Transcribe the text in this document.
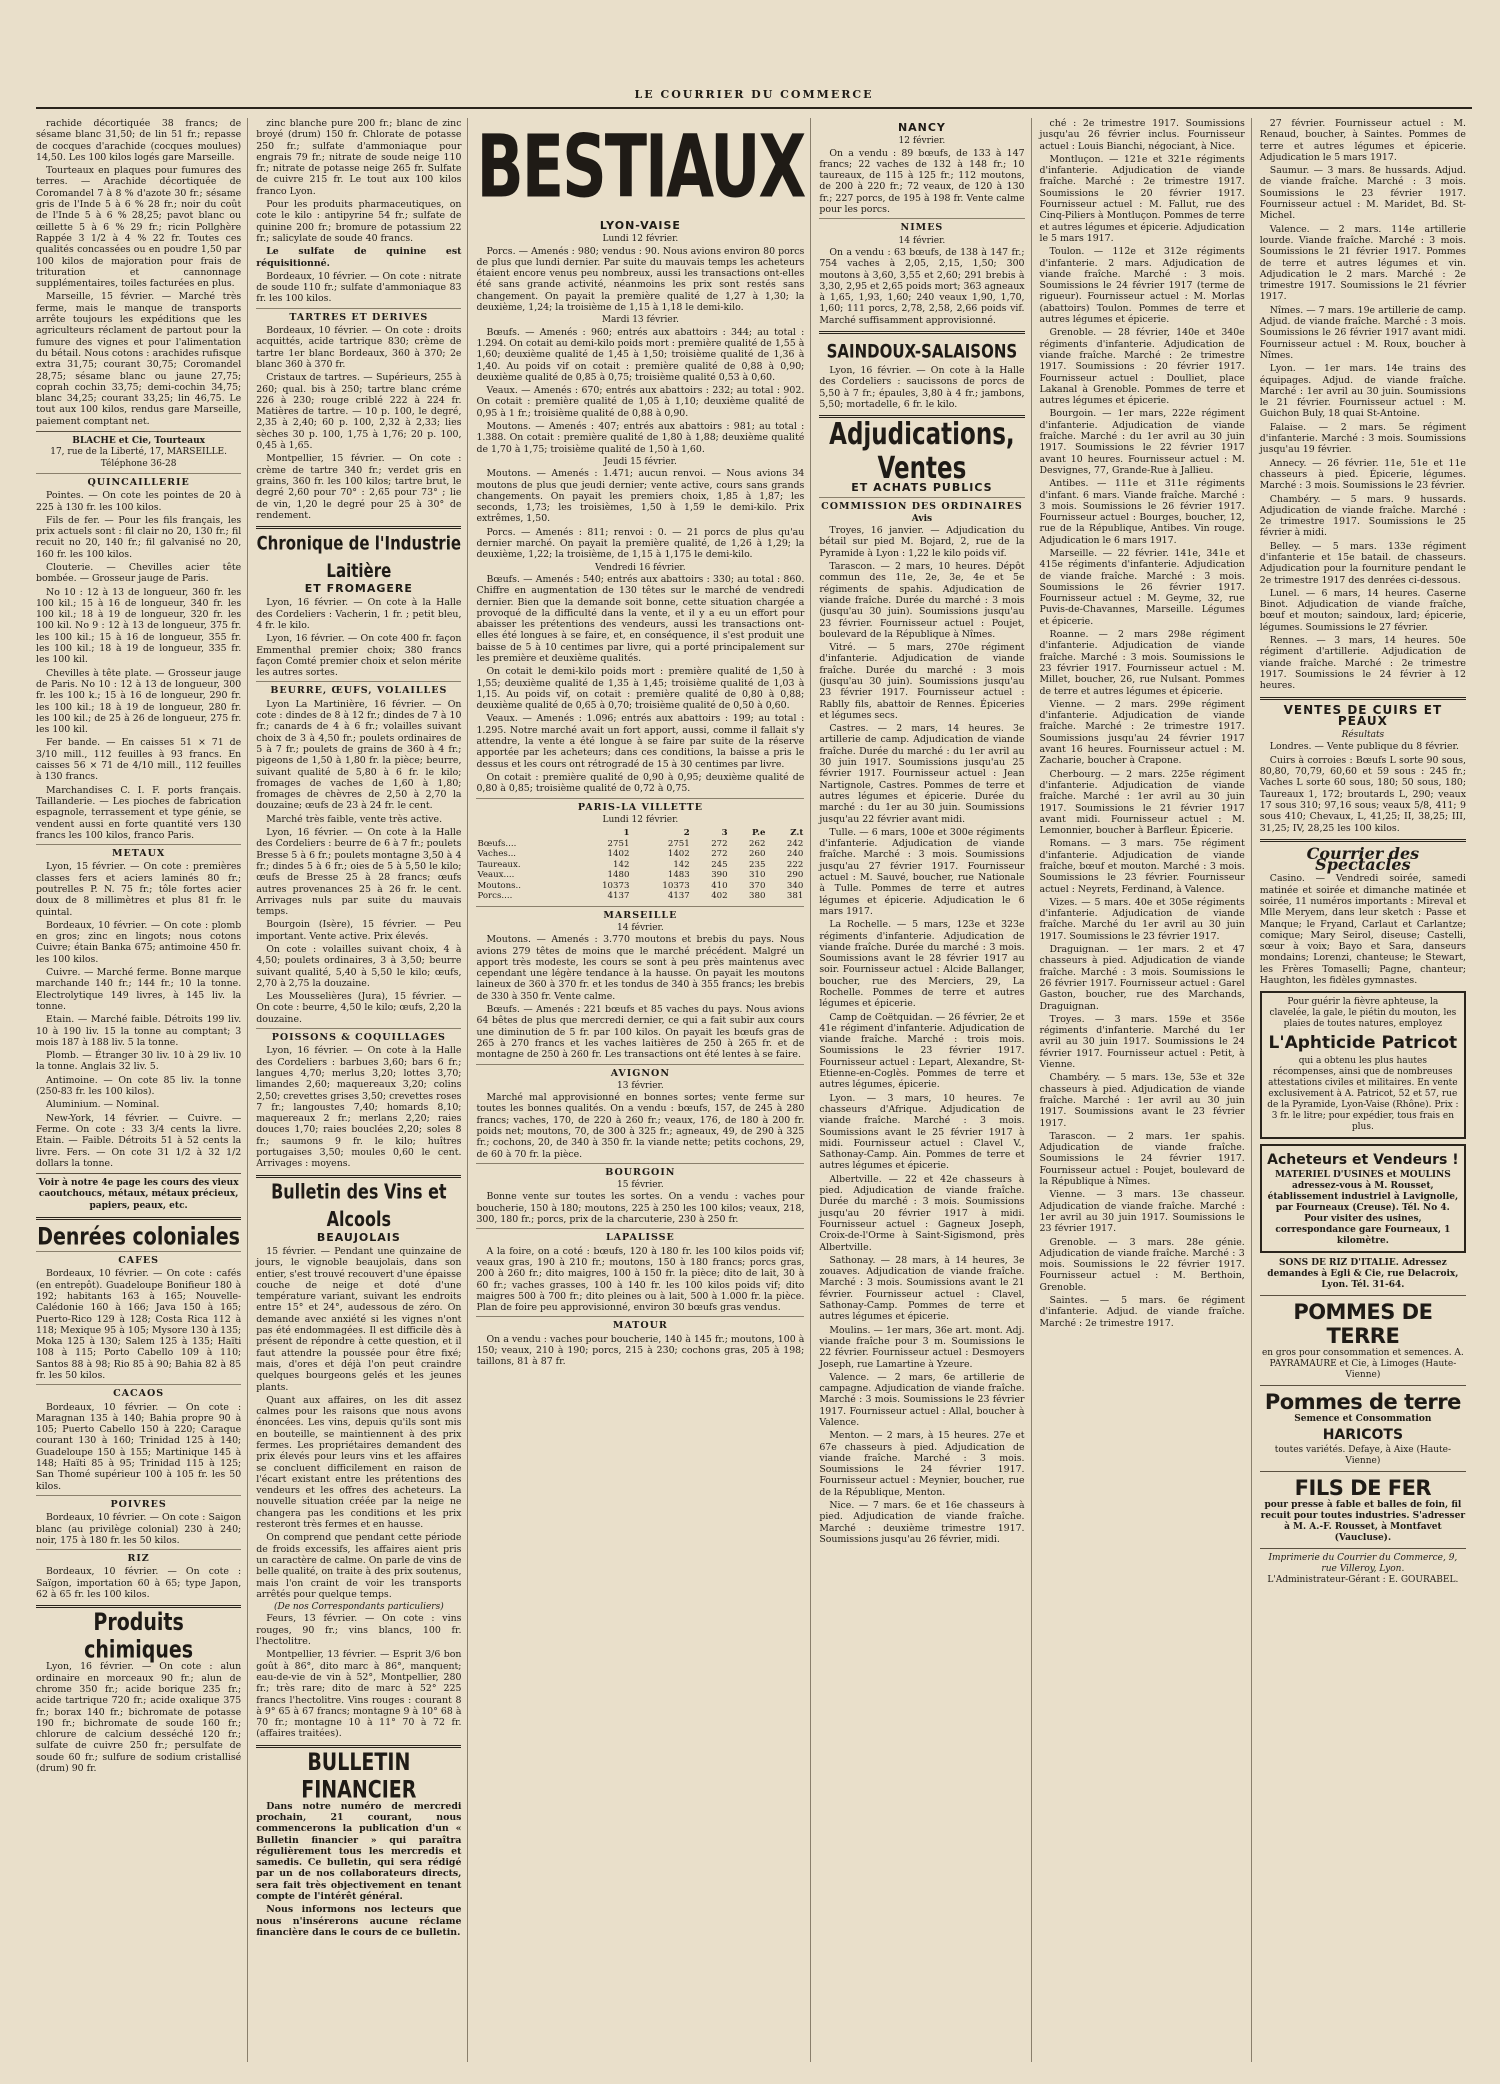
LE COURRIER DU COMMERCE

rachide décortiquée 38 francs; de sésame blanc 31,50; de lin 51 fr.; repasse de cocques d'arachide (cocques moulues) 14,50. Les 100 kilos logés gare Marseille.

Tourteaux en plaques pour fumures des terres. — Arachide décortiquée de Coromandel 7 à 8 % d'azote 30 fr.; sésame gris de l'Inde 5 à 6 % 28 fr.; noir du coût de l'Inde 5 à 6 % 28,25; pavot blanc ou œillette 5 à 6 % 29 fr.; ricin Pollghère Rappée 3 1/2 à 4 % 22 fr. Toutes ces qualités concassées ou en poudre 1,50 par 100 kilos de majoration pour frais de trituration et cannonnage supplémentaires, toiles facturées en plus.

Marseille, 15 février. — Marché très ferme, mais le manque de transports arrête toujours les expéditions que les agriculteurs réclament de partout pour la fumure des vignes et pour l'alimentation du bétail. Nous cotons : arachides rufisque extra 31,75; courant 30,75; Coromandel 28,75; sésame blanc ou jaune 27,75; coprah cochin 33,75; demi-cochin 34,75; blanc 34,25; courant 33,25; lin 46,75. Le tout aux 100 kilos, rendus gare Marseille, paiement comptant net.

BLACHE et Cie, Tourteaux
17, rue de la Liberté, 17, MARSEILLE. Téléphone 36-28
QUINCAILLERIE

Pointes. — On cote les pointes de 20 à 225 à 130 fr. les 100 kilos.

Fils de fer. — Pour les fils français, les prix actuels sont : fil clair no 20, 130 fr.; fil recuit no 20, 140 fr.; fil galvanisé no 20, 160 fr. les 100 kilos.

Clouterie. — Chevilles acier tête bombée. — Grosseur jauge de Paris.

No 10 : 12 à 13 de longueur, 360 fr. les 100 kil.; 15 à 16 de longueur, 340 fr. les 100 kil.; 18 à 19 de longueur, 320 fr. les 100 kil. No 9 : 12 à 13 de longueur, 375 fr. les 100 kil.; 15 à 16 de longueur, 355 fr. les 100 kil.; 18 à 19 de longueur, 335 fr. les 100 kil.

Chevilles à tête plate. — Grosseur jauge de Paris. No 10 : 12 à 13 de longueur, 300 fr. les 100 k.; 15 à 16 de longueur, 290 fr. les 100 kil.; 18 à 19 de longueur, 280 fr. les 100 kil.; de 25 à 26 de longueur, 275 fr. les 100 kil.

Fer bande. — En caisses 51 × 71 de 3/10 mill., 112 feuilles à 93 francs. En caisses 56 × 71 de 4/10 mill., 112 feuilles à 130 francs.

Marchandises C. I. F. ports français. Taillanderie. — Les pioches de fabrication espagnole, terrassement et type génie, se vendent aussi en forte quantité vers 130 francs les 100 kilos, franco Paris.

METAUX

Lyon, 15 février. — On cote : premières classes fers et aciers laminés 80 fr.; poutrelles P. N. 75 fr.; tôle fortes acier doux de 8 millimètres et plus 81 fr. le quintal.

Bordeaux, 10 février. — On cote : plomb en gros; zinc en lingots; nous cotons Cuivre; étain Banka 675; antimoine 450 fr. les 100 kilos.

Cuivre. — Marché ferme. Bonne marque marchande 140 fr.; 144 fr.; 10 la tonne. Electrolytique 149 livres, à 145 liv. la tonne.

Etain. — Marché faible. Détroits 199 liv. 10 à 190 liv. 15 la tonne au comptant; 3 mois 187 à 188 liv. 5 la tonne.

Plomb. — Étranger 30 liv. 10 à 29 liv. 10 la tonne. Anglais 32 liv. 5.

Antimoine. — On cote 85 liv. la tonne (250-83 fr. les 100 kilos).

Aluminium. — Nominal.

New-York, 14 février. — Cuivre. — Ferme. On cote : 33 3/4 cents la livre. Etain. — Faible. Détroits 51 à 52 cents la livre. Fers. — On cote 31 1/2 à 32 1/2 dollars la tonne.

Voir à notre 4e page les cours des vieux caoutchoucs, métaux, métaux précieux, papiers, peaux, etc.
Denrées coloniales
CAFES

Bordeaux, 10 février. — On cote : cafés (en entrepôt). Guadeloupe Bonifieur 180 à 192; habitants 163 à 165; Nouvelle-Calédonie 160 à 166; Java 150 à 165; Puerto-Rico 129 à 128; Costa Rica 112 à 118; Mexique 95 à 105; Mysore 130 à 135; Moka 125 à 130; Salem 125 à 135; Haïti 108 à 115; Porto Cabello 109 à 110; Santos 88 à 98; Rio 85 à 90; Bahia 82 à 85 fr. les 50 kilos.

CACAOS

Bordeaux, 10 février. — On cote : Maragnan 135 à 140; Bahia propre 90 à 105; Puerto Cabello 150 à 220; Caraque courant 130 à 160; Trinidad 125 à 140; Guadeloupe 150 à 155; Martinique 145 à 148; Haïti 85 à 95; Trinidad 115 à 125; San Thomé supérieur 100 à 105 fr. les 50 kilos.

POIVRES

Bordeaux, 10 février. — On cote : Saigon blanc (au privilège colonial) 230 à 240; noir, 175 à 180 fr. les 50 kilos.

RIZ

Bordeaux, 10 février. — On cote : Saïgon, importation 60 à 65; type Japon, 62 à 65 fr. les 100 kilos.

Produits chimiques

Lyon, 16 février. — On cote : alun ordinaire en morceaux 90 fr.; alun de chrome 350 fr.; acide borique 235 fr.; acide tartrique 720 fr.; acide oxalique 375 fr.; borax 140 fr.; bichromate de potasse 190 fr.; bichromate de soude 160 fr.; chlorure de calcium desséché 120 fr.; sulfate de cuivre 250 fr.; persulfate de soude 60 fr.; sulfure de sodium cristallisé (drum) 90 fr.

zinc blanche pure 200 fr.; blanc de zinc broyé (drum) 150 fr. Chlorate de potasse 250 fr.; sulfate d'ammoniaque pour engrais 79 fr.; nitrate de soude neige 110 fr.; nitrate de potasse neige 265 fr. Sulfate de cuivre 215 fr. Le tout aux 100 kilos franco Lyon.

Pour les produits pharmaceutiques, on cote le kilo : antipyrine 54 fr.; sulfate de quinine 200 fr.; bromure de potassium 22 fr.; salicylate de soude 40 francs.

Le sulfate de quinine est réquisitionné.

Bordeaux, 10 février. — On cote : nitrate de soude 110 fr.; sulfate d'ammoniaque 83 fr. les 100 kilos.

TARTRES ET DERIVES

Bordeaux, 10 février. — On cote : droits acquittés, acide tartrique 830; crème de tartre 1er blanc Bordeaux, 360 à 370; 2e blanc 360 à 370 fr.

Cristaux de tartres. — Supérieurs, 255 à 260; qual. bis à 250; tartre blanc créme 226 à 230; rouge criblé 222 à 224 fr. Matières de tartre. — 10 p. 100, le degré, 2,35 à 2,40; 60 p. 100, 2,32 à 2,33; lies sèches 30 p. 100, 1,75 à 1,76; 20 p. 100, 0,45 à 1,65.

Montpellier, 15 février. — On cote : crème de tartre 340 fr.; verdet gris en grains, 360 fr. les 100 kilos; tartre brut, le degré 2,60 pour 70° : 2,65 pour 73° ; lie de vin, 1,20 le degré pour 25 à 30° de rendement.

Chronique de l'Industrie Laitière
ET FROMAGERE

Lyon, 16 février. — On cote à la Halle des Cordeliers : Vacherin, 1 fr. ; petit bleu, 4 fr. le kilo.

Lyon, 16 février. — On cote 400 fr. façon Emmenthal premier choix; 380 francs façon Comté premier choix et selon mérite les autres sortes.

BEURRE, ŒUFS, VOLAILLES

Lyon La Martinière, 16 février. — On cote : dindes de 8 à 12 fr.; dindes de 7 à 10 fr.; canards de 4 à 6 fr.; volailles suivant choix de 3 à 4,50 fr.; poulets ordinaires de 5 à 7 fr.; poulets de grains de 360 à 4 fr.; pigeons de 1,50 à 1,80 fr. la pièce; beurre, suivant qualité de 5,80 à 6 fr. le kilo; fromages de vaches de 1,60 à 1,80; fromages de chèvres de 2,50 à 2,70 la douzaine; œufs de 23 à 24 fr. le cent.

Marché très faible, vente très active.

Lyon, 16 février. — On cote à la Halle des Cordeliers : beurre de 6 à 7 fr.; poulets Bresse 5 à 6 fr.; poulets montagne 3,50 à 4 fr.; dindes 5 à 6 fr.; oies de 5 à 5,50 le kilo; œufs de Bresse 25 à 28 francs; œufs autres provenances 25 à 26 fr. le cent. Arrivages nuls par suite du mauvais temps.

Bourgoin (Isère), 15 février. — Peu important. Vente active. Prix élevés.

On cote : volailles suivant choix, 4 à 4,50; poulets ordinaires, 3 à 3,50; beurre suivant qualité, 5,40 à 5,50 le kilo; œufs, 2,70 à 2,75 la douzaine.

Les Mousselières (Jura), 15 février. — On cote : beurre, 4,50 le kilo; œufs, 2,20 la douzaine.

POISSONS & COQUILLAGES

Lyon, 16 février. — On cote à la Halle des Cordeliers : barbues 3,60; bars 6 fr.; langues 4,70; merlus 3,20; lottes 3,70; limandes 2,60; maquereaux 3,20; colins 2,50; crevettes grises 3,50; crevettes roses 7 fr.; langoustes 7,40; homards 8,10; maquereaux 2 fr.; merlans 2,20; raies douces 1,70; raies bouclées 2,20; soles 8 fr.; saumons 9 fr. le kilo; huîtres portugaises 3,50; moules 0,60 le cent. Arrivages : moyens.

Bulletin des Vins et Alcools
BEAUJOLAIS

15 février. — Pendant une quinzaine de jours, le vignoble beaujolais, dans son entier, s'est trouvé recouvert d'une épaisse couche de neige et doté d'une température variant, suivant les endroits entre 15° et 24°, audessous de zéro. On demande avec anxiété si les vignes n'ont pas été endommagées. Il est difficile dès à présent de répondre à cette question, et il faut attendre la poussée pour être fixé; mais, d'ores et déjà l'on peut craindre quelques bourgeons gelés et les jeunes plants.

Quant aux affaires, on les dit assez calmes pour les raisons que nous avons énoncées. Les vins, depuis qu'ils sont mis en bouteille, se maintiennent à des prix fermes. Les propriétaires demandent des prix élevés pour leurs vins et les affaires se concluent difficilement en raison de l'écart existant entre les prétentions des vendeurs et les offres des acheteurs. La nouvelle situation créée par la neige ne changera pas les conditions et les prix resteront très fermes et en hausse.

On comprend que pendant cette période de froids excessifs, les affaires aient pris un caractère de calme. On parle de vins de belle qualité, on traite à des prix soutenus, mais l'on craint de voir les transports arrêtés pour quelque temps.

(De nos Correspondants particuliers)

Feurs, 13 février. — On cote : vins rouges, 90 fr.; vins blancs, 100 fr. l'hectolitre.

Montpellier, 13 février. — Esprit 3/6 bon goût à 86°, dito marc à 86°, manquent; eau-de-vie de vin à 52°, Montpellier, 280 fr.; très rare; dito de marc à 52° 225 francs l'hectolitre. Vins rouges : courant 8 à 9° 65 à 67 francs; montagne 9 à 10° 68 à 70 fr.; montagne 10 à 11° 70 à 72 fr. (affaires traitées).

BULLETIN FINANCIER

Dans notre numéro de mercredi prochain, 21 courant, nous commencerons la publication d'un « Bulletin financier » qui paraîtra régulièrement tous les mercredis et samedis. Ce bulletin, qui sera rédigé par un de nos collaborateurs directs, sera fait très objectivement en tenant compte de l'intérêt général.

Nous informons nos lecteurs que nous n'insérerons aucune réclame financière dans le cours de ce bulletin.

BESTIAUX
LYON-VAISE
Lundi 12 février.

Porcs. — Amenés : 980; vendus : 90. Nous avions environ 80 porcs de plus que lundi dernier. Par suite du mauvais temps les acheteurs étaient encore venus peu nombreux, aussi les transactions ont-elles été sans grande activité, néanmoins les prix sont restés sans changement. On payait la première qualité de 1,27 à 1,30; la deuxième, 1,24; la troisième de 1,15 à 1,18 le demi-kilo.

Mardi 13 février.

Bœufs. — Amenés : 960; entrés aux abattoirs : 344; au total : 1.294. On cotait au demi-kilo poids mort : première qualité de 1,55 à 1,60; deuxième qualité de 1,45 à 1,50; troisième qualité de 1,36 à 1,40. Au poids vif on cotait : première qualité de 0,88 à 0,90; deuxième qualité de 0,85 à 0,75; troisième qualité 0,53 à 0,60.

Veaux. — Amenés : 670; entrés aux abattoirs : 232; au total : 902. On cotait : première qualité de 1,05 à 1,10; deuxième qualité de 0,95 à 1 fr.; troisième qualité de 0,88 à 0,90.

Moutons. — Amenés : 407; entrés aux abattoirs : 981; au total : 1.388. On cotait : première qualité de 1,80 à 1,88; deuxième qualité de 1,70 à 1,75; troisième qualité de 1,50 à 1,60.

Jeudi 15 février.

Moutons. — Amenés : 1.471; aucun renvoi. — Nous avions 34 moutons de plus que jeudi dernier; vente active, cours sans grands changements. On payait les premiers choix, 1,85 à 1,87; les seconds, 1,73; les troisièmes, 1,50 à 1,59 le demi-kilo. Prix extrêmes, 1,50.

Porcs. — Amenés : 811; renvoi : 0. — 21 porcs de plus qu'au dernier marché. On payait la première qualité, de 1,26 à 1,29; la deuxième, 1,22; la troisième, de 1,15 à 1,175 le demi-kilo.

Vendredi 16 février.

Bœufs. — Amenés : 540; entrés aux abattoirs : 330; au total : 860. Chiffre en augmentation de 130 têtes sur le marché de vendredi dernier. Bien que la demande soit bonne, cette situation chargée a provoqué de la difficulté dans la vente, et il y a eu un effort pour abaisser les prétentions des vendeurs, aussi les transactions ont-elles été longues à se faire, et, en conséquence, il s'est produit une baisse de 5 à 10 centimes par livre, qui a porté principalement sur les première et deuxième qualités.

On cotait le demi-kilo poids mort : première qualité de 1,50 à 1,55; deuxième qualité de 1,35 à 1,45; troisième qualité de 1,03 à 1,15. Au poids vif, on cotait : première qualité de 0,80 à 0,88; deuxième qualité de 0,65 à 0,70; troisième qualité de 0,50 à 0,60.

Veaux. — Amenés : 1.096; entrés aux abattoirs : 199; au total : 1.295. Notre marché avait un fort apport, aussi, comme il fallait s'y attendre, la vente a été longue à se faire par suite de la réserve apportée par les acheteurs; dans ces conditions, la baisse a pris le dessus et les cours ont rétrogradé de 15 à 30 centimes par livre.

On cotait : première qualité de 0,90 à 0,95; deuxième qualité de 0,80 à 0,85; troisième qualité de 0,72 à 0,75.

PARIS-LA VILLETTE
Lundi 12 février.
	1	2	3	P.e	Z.t
Bœufs....	2751	2751	272	262	242
Vaches...	1402	1402	272	260	240
Taureaux.	142	142	245	235	222
Veaux....	1480	1483	390	310	290
Moutons..	10373	10373	410	370	340
Porcs....	4137	4137	402	380	381
MARSEILLE
14 février.

Moutons. — Amenés : 3.770 moutons et brebis du pays. Nous avions 279 têtes de moins que le marché précédent. Malgré un apport très modeste, les cours se sont à peu près maintenus avec cependant une légère tendance à la hausse. On payait les moutons laineux de 360 à 370 fr. et les tondus de 340 à 355 francs; les brebis de 330 à 350 fr. Vente calme.

Bœufs. — Amenés : 221 bœufs et 85 vaches du pays. Nous avions 64 bêtes de plus que mercredi dernier, ce qui a fait subir aux cours une diminution de 5 fr. par 100 kilos. On payait les bœufs gras de 265 à 270 francs et les vaches laitières de 250 à 265 fr. et de montagne de 250 à 260 fr. Les transactions ont été lentes à se faire.

AVIGNON
13 février.

Marché mal approvisionné en bonnes sortes; vente ferme sur toutes les bonnes qualités. On a vendu : bœufs, 157, de 245 à 280 francs; vaches, 170, de 220 à 260 fr.; veaux, 176, de 180 à 200 fr. poids net; moutons, 70, de 300 à 325 fr.; agneaux, 49, de 290 à 325 fr.; cochons, 20, de 340 à 350 fr. la viande nette; petits cochons, 29, de 60 à 70 fr. la pièce.

BOURGOIN
15 février.

Bonne vente sur toutes les sortes. On a vendu : vaches pour boucherie, 150 à 180; moutons, 225 à 250 les 100 kilos; veaux, 218, 300, 180 fr.; porcs, prix de la charcuterie, 230 à 250 fr.

LAPALISSE

A la foire, on a coté : bœufs, 120 à 180 fr. les 100 kilos poids vif; veaux gras, 190 à 210 fr.; moutons, 150 à 180 francs; porcs gras, 200 à 260 fr.; dito maigres, 100 à 150 fr. la pièce; dito de lait, 30 à 60 fr.; vaches grasses, 100 à 140 fr. les 100 kilos poids vif; dito maigres 500 à 700 fr.; dito pleines ou à lait, 500 à 1.000 fr. la pièce. Plan de foire peu approvisionné, environ 30 bœufs gras vendus.

MATOUR

On a vendu : vaches pour boucherie, 140 à 145 fr.; moutons, 100 à 150; veaux, 210 à 190; porcs, 215 à 230; cochons gras, 205 à 198; taillons, 81 à 87 fr.

NANCY
12 février.

On a vendu : 89 bœufs, de 133 à 147 francs; 22 vaches de 132 à 148 fr.; 10 taureaux, de 115 à 125 fr.; 112 moutons, de 200 à 220 fr.; 72 veaux, de 120 à 130 fr.; 227 porcs, de 195 à 198 fr. Vente calme pour les porcs.

NIMES
14 février.

On a vendu : 63 bœufs, de 138 à 147 fr.; 754 vaches à 2,05, 2,15, 1,50; 300 moutons à 3,60, 3,55 et 2,60; 291 brebis à 3,30, 2,95 et 2,65 poids mort; 363 agneaux à 1,65, 1,93, 1,60; 240 veaux 1,90, 1,70, 1,60; 111 porcs, 2,78, 2,58, 2,66 poids vif. Marché suffisamment approvisionné.

SAINDOUX-SALAISONS

Lyon, 16 février. — On cote à la Halle des Cordeliers : saucissons de porcs de 5,50 à 7 fr.; épaules, 3,80 à 4 fr.; jambons, 5,50; mortadelle, 6 fr. le kilo.

Adjudications, Ventes
ET ACHATS PUBLICS
COMMISSION DES ORDINAIRES
Avis

Troyes, 16 janvier. — Adjudication du bétail sur pied M. Bojard, 2, rue de la Pyramide à Lyon : 1,22 le kilo poids vif.

Tarascon. — 2 mars, 10 heures. Dépôt commun des 11e, 2e, 3e, 4e et 5e régiments de spahis. Adjudication de viande fraîche. Durée du marché : 3 mois (jusqu'au 30 juin). Soumissions jusqu'au 23 février. Fournisseur actuel : Poujet, boulevard de la République à Nîmes.

Vitré. — 5 mars, 270e régiment d'infanterie. Adjudication de viande fraîche. Durée du marché : 3 mois (jusqu'au 30 juin). Soumissions jusqu'au 23 février 1917. Fournisseur actuel : Rablly fils, abattoir de Rennes. Épiceries et légumes secs.

Castres. — 2 mars, 14 heures. 3e artillerie de camp. Adjudication de viande fraîche. Durée du marché : du 1er avril au 30 juin 1917. Soumissions jusqu'au 25 février 1917. Fournisseur actuel : Jean Nartignole, Castres. Pommes de terre et autres légumes et épicerie. Durée du marché : du 1er au 30 juin. Soumissions jusqu'au 22 février avant midi.

Tulle. — 6 mars, 100e et 300e régiments d'infanterie. Adjudication de viande fraîche. Marché : 3 mois. Soumissions jusqu'au 27 février 1917. Fournisseur actuel : M. Sauvé, boucher, rue Nationale à Tulle. Pommes de terre et autres légumes et épicerie. Adjudication le 6 mars 1917.

La Rochelle. — 5 mars, 123e et 323e régiments d'infanterie. Adjudication de viande fraîche. Durée du marché : 3 mois. Soumissions avant le 28 février 1917 au soir. Fournisseur actuel : Alcide Ballanger, boucher, rue des Merciers, 29, La Rochelle. Pommes de terre et autres légumes et épicerie.

Camp de Coëtquidan. — 26 février, 2e et 41e régiment d'infanterie. Adjudication de viande fraîche. Marché : trois mois. Soumissions le 23 février 1917. Fournisseur actuel : Lepart, Alexandre, St-Etienne-en-Coglès. Pommes de terre et autres légumes, épicerie.

Lyon. — 3 mars, 10 heures. 7e chasseurs d'Afrique. Adjudication de viande fraîche. Marché : 3 mois. Soumissions avant le 25 février 1917 à midi. Fournisseur actuel : Clavel V., Sathonay-Camp. Ain. Pommes de terre et autres légumes et épicerie.

Albertville. — 22 et 42e chasseurs à pied. Adjudication de viande fraîche. Durée du marché : 3 mois. Soumissions jusqu'au 20 février 1917 à midi. Fournisseur actuel : Gagneux Joseph, Croix-de-l'Orme à Saint-Sigismond, près Albertville.

Sathonay. — 28 mars, à 14 heures, 3e zouaves. Adjudication de viande fraîche. Marché : 3 mois. Soumissions avant le 21 février. Fournisseur actuel : Clavel, Sathonay-Camp. Pommes de terre et autres légumes et épicerie.

Moulins. — 1er mars, 36e art. mont. Adj. viande fraîche pour 3 m. Soumissions le 22 février. Fournisseur actuel : Desmoyers Joseph, rue Lamartine à Yzeure.

Valence. — 2 mars, 6e artillerie de campagne. Adjudication de viande fraîche. Marché : 3 mois. Soumissions le 23 février 1917. Fournisseur actuel : Allal, boucher à Valence.

Menton. — 2 mars, à 15 heures. 27e et 67e chasseurs à pied. Adjudication de viande fraîche. Marché : 3 mois. Soumissions le 24 février 1917. Fournisseur actuel : Meynier, boucher, rue de la République, Menton.

Nice. — 7 mars. 6e et 16e chasseurs à pied. Adjudication de viande fraîche. Marché : deuxième trimestre 1917. Soumissions jusqu'au 26 février, midi.

ché : 2e trimestre 1917. Soumissions jusqu'au 26 février inclus. Fournisseur actuel : Louis Bianchi, négociant, à Nice.

Montluçon. — 121e et 321e régiments d'infanterie. Adjudication de viande fraîche. Marché : 2e trimestre 1917. Soumissions le 20 février 1917. Fournisseur actuel : M. Fallut, rue des Cinq-Piliers à Montluçon. Pommes de terre et autres légumes et épicerie. Adjudication le 5 mars 1917.

Toulon. — 112e et 312e régiments d'infanterie. 2 mars. Adjudication de viande fraîche. Marché : 3 mois. Soumissions le 24 février 1917 (terme de rigueur). Fournisseur actuel : M. Morlas (abattoirs) Toulon. Pommes de terre et autres légumes et épicerie.

Grenoble. — 28 février, 140e et 340e régiments d'infanterie. Adjudication de viande fraîche. Marché : 2e trimestre 1917. Soumissions : 20 février 1917. Fournisseur actuel : Doulliet, place Lakanal à Grenoble. Pommes de terre et autres légumes et épicerie.

Bourgoin. — 1er mars, 222e régiment d'infanterie. Adjudication de viande fraîche. Marché : du 1er avril au 30 juin 1917. Soumissions le 22 février 1917 avant 10 heures. Fournisseur actuel : M. Desvignes, 77, Grande-Rue à Jallieu.

Antibes. — 111e et 311e régiments d'infant. 6 mars. Viande fraîche. Marché : 3 mois. Soumissions le 26 février 1917. Fournisseur actuel : Bourges, boucher, 12, rue de la République, Antibes. Vin rouge. Adjudication le 6 mars 1917.

Marseille. — 22 février. 141e, 341e et 415e régiments d'infanterie. Adjudication de viande fraîche. Marché : 3 mois. Soumissions le 26 février 1917. Fournisseur actuel : M. Geyme, 32, rue Puvis-de-Chavannes, Marseille. Légumes et épicerie.

Roanne. — 2 mars 298e régiment d'infanterie. Adjudication de viande fraîche. Marché : 3 mois. Soumissions le 23 février 1917. Fournisseur actuel : M. Millet, boucher, 26, rue Nulsant. Pommes de terre et autres légumes et épicerie.

Vienne. — 2 mars. 299e régiment d'infanterie. Adjudication de viande fraîche. Marché : 2e trimestre 1917. Soumissions jusqu'au 24 février 1917 avant 16 heures. Fournisseur actuel : M. Zacharie, boucher à Crapone.

Cherbourg. — 2 mars. 225e régiment d'infanterie. Adjudication de viande fraîche. Marché : 1er avril au 30 juin 1917. Soumissions le 21 février 1917 avant midi. Fournisseur actuel : M. Lemonnier, boucher à Barfleur. Épicerie.

Romans. — 3 mars. 75e régiment d'infanterie. Adjudication de viande fraîche, bœuf et mouton. Marché : 3 mois. Soumissions le 23 février. Fournisseur actuel : Neyrets, Ferdinand, à Valence.

Vizes. — 5 mars. 40e et 305e régiments d'infanterie. Adjudication de viande fraîche. Marché du 1er avril au 30 juin 1917. Soumissions le 23 février 1917.

Draguignan. — 1er mars. 2 et 47 chasseurs à pied. Adjudication de viande fraîche. Marché : 3 mois. Soumissions le 26 février 1917. Fournisseur actuel : Garel Gaston, boucher, rue des Marchands, Draguignan.

Troyes. — 3 mars. 159e et 356e régiments d'infanterie. Marché du 1er avril au 30 juin 1917. Soumissions le 24 février 1917. Fournisseur actuel : Petit, à Vienne.

Chambéry. — 5 mars. 13e, 53e et 32e chasseurs à pied. Adjudication de viande fraîche. Marché : 1er avril au 30 juin 1917. Soumissions avant le 23 février 1917.

Tarascon. — 2 mars. 1er spahis. Adjudication de viande fraîche. Soumissions le 24 février 1917. Fournisseur actuel : Poujet, boulevard de la République à Nîmes.

Vienne. — 3 mars. 13e chasseur. Adjudication de viande fraîche. Marché : 1er avril au 30 juin 1917. Soumissions le 23 février 1917.

Grenoble. — 3 mars. 28e génie. Adjudication de viande fraîche. Marché : 3 mois. Soumissions le 22 février 1917. Fournisseur actuel : M. Berthoin, Grenoble.

Saintes. — 5 mars. 6e régiment d'infanterie. Adjud. de viande fraîche. Marché : 2e trimestre 1917.

27 février. Fournisseur actuel : M. Renaud, boucher, à Saintes. Pommes de terre et autres légumes et épicerie. Adjudication le 5 mars 1917.

Saumur. — 3 mars. 8e hussards. Adjud. de viande fraîche. Marché : 3 mois. Soumissions le 23 février 1917. Fournisseur actuel : M. Maridet, Bd. St-Michel.

Valence. — 2 mars. 114e artillerie lourde. Viande fraîche. Marché : 3 mois. Soumissions le 21 février 1917. Pommes de terre et autres légumes et vin. Adjudication le 2 mars. Marché : 2e trimestre 1917. Soumissions le 21 février 1917.

Nîmes. — 7 mars. 19e artillerie de camp. Adjud. de viande fraîche. Marché : 3 mois. Soumissions le 26 février 1917 avant midi. Fournisseur actuel : M. Roux, boucher à Nîmes.

Lyon. — 1er mars. 14e trains des équipages. Adjud. de viande fraîche. Marché : 1er avril au 30 juin. Soumissions le 21 février. Fournisseur actuel : M. Guichon Buly, 18 quai St-Antoine.

Falaise. — 2 mars. 5e régiment d'infanterie. Marché : 3 mois. Soumissions jusqu'au 19 février.

Annecy. — 26 février. 11e, 51e et 11e chasseurs à pied. Épicerie, légumes. Marché : 3 mois. Soumissions le 23 février.

Chambéry. — 5 mars. 9 hussards. Adjudication de viande fraîche. Marché : 2e trimestre 1917. Soumissions le 25 février à midi.

Belley. — 5 mars. 133e régiment d'infanterie et 15e batail. de chasseurs. Adjudication pour la fourniture pendant le 2e trimestre 1917 des denrées ci-dessous.

Lunel. — 6 mars, 14 heures. Caserne Binot. Adjudication de viande fraîche, bœuf et mouton; saindoux, lard; épicerie, légumes. Soumissions le 27 février.

Rennes. — 3 mars, 14 heures. 50e régiment d'artillerie. Adjudication de viande fraîche. Marché : 2e trimestre 1917. Soumissions le 24 février à 12 heures.

VENTES DE CUIRS ET PEAUX
Résultats

Londres. — Vente publique du 8 février.

Cuirs à corroies : Bœufs L sorte 90 sous, 80,80, 70,79, 60,60 et 59 sous : 245 fr.; Vaches L sorte 60 sous, 180; 50 sous, 180; Taureaux 1, 172; broutards L, 290; veaux 17 sous 310; 97,16 sous; veaux 5/8, 411; 9 sous 410; Chevaux, L, 41,25; II, 38,25; III, 31,25; IV, 28,25 les 100 kilos.

Courrier des Spectacles

Casino. — Vendredi soirée, samedi matinée et soirée et dimanche matinée et soirée, 11 numéros importants : Mireval et Mlle Meryem, dans leur sketch : Passe et Manque; le Fryand, Carlaut et Carlantze; comique; Mary Seirol, diseuse; Castelli, sœur à voix; Bayo et Sara, danseurs mondains; Lorenzi, chanteuse; le Stewart, les Frères Tomaselli; Pagne, chanteur; Haughton, les fidèles gymnastes.

Pour guérir la fièvre aphteuse, la clavelée, la gale, le piétin du mouton, les plaies de toutes natures, employez
L'Aphticide Patricot
qui a obtenu les plus hautes récompenses, ainsi que de nombreuses attestations civiles et militaires. En vente exclusivement à A. Patricot, 52 et 57, rue de la Pyramide, Lyon-Vaise (Rhône). Prix : 3 fr. le litre; pour expédier, tous frais en plus.
Acheteurs et Vendeurs !
MATERIEL D'USINES et MOULINS adressez-vous à M. Rousset, établissement industriel à Lavignolle, par Fourneaux (Creuse). Tél. No 4. Pour visiter des usines, correspondance gare Fourneaux, 1 kilomètre.
SONS DE RIZ D'ITALIE. Adressez demandes à Egli & Cie, rue Delacroix, Lyon. Tél. 31-64.
POMMES DE TERRE
en gros pour consommation et semences. A. PAYRAMAURE et Cie, à Limoges (Haute-Vienne)
Pommes de terre
Semence et Consommation
HARICOTS
toutes variétés. Defaye, à Aixe (Haute-Vienne)
FILS DE FER
pour presse à fable et balles de foin, fil recuit pour toutes industries. S'adresser à M. A.-F. Rousset, à Montfavet (Vaucluse).
Imprimerie du Courrier du Commerce, 9, rue Villeroy, Lyon.
L'Administrateur-Gérant : E. GOURABEL.
